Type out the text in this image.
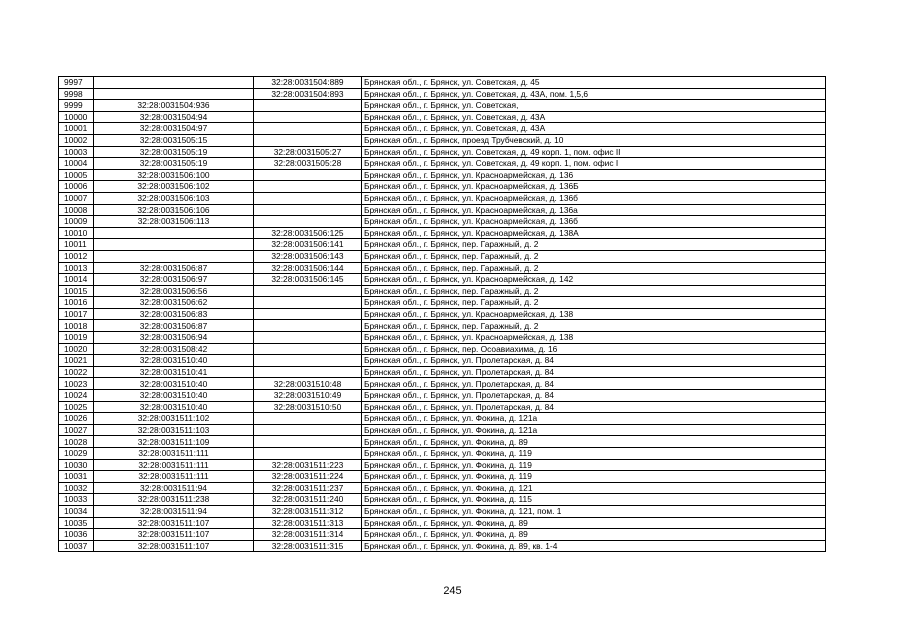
9997		32:28:0031504:889	Брянская обл., г. Брянск, ул. Советская, д. 45
9998		32:28:0031504:893	Брянская обл., г. Брянск, ул. Советская, д. 43А, пом. 1,5,6
9999	32:28:0031504:936		Брянская обл., г. Брянск, ул. Советская,
10000	32:28:0031504:94		Брянская обл., г. Брянск, ул. Советская, д. 43А
10001	32:28:0031504:97		Брянская обл., г. Брянск, ул. Советская, д. 43А
10002	32:28:0031505:15		Брянская обл., г. Брянск, проезд Трубчевский, д. 10
10003	32:28:0031505:19	32:28:0031505:27	Брянская обл., г. Брянск, ул. Советская, д. 49 корп. 1, пом. офис II
10004	32:28:0031505:19	32:28:0031505:28	Брянская обл., г. Брянск, ул. Советская, д. 49 корп. 1, пом. офис I
10005	32:28:0031506:100		Брянская обл., г. Брянск, ул. Красноармейская, д. 136
10006	32:28:0031506:102		Брянская обл., г. Брянск, ул. Красноармейская, д. 136Б
10007	32:28:0031506:103		Брянская обл., г. Брянск, ул. Красноармейская, д. 136б
10008	32:28:0031506:106		Брянская обл., г. Брянск, ул. Красноармейская, д. 136а
10009	32:28:0031506:113		Брянская обл., г. Брянск, ул. Красноармейская, д. 136б
10010		32:28:0031506:125	Брянская обл., г. Брянск, ул. Красноармейская, д. 138А
10011		32:28:0031506:141	Брянская обл., г. Брянск, пер. Гаражный, д. 2
10012		32:28:0031506:143	Брянская обл., г. Брянск, пер. Гаражный, д. 2
10013	32:28:0031506:87	32:28:0031506:144	Брянская обл., г. Брянск, пер. Гаражный, д. 2
10014	32:28:0031506:97	32:28:0031506:145	Брянская обл., г. Брянск, ул. Красноармейская, д. 142
10015	32:28:0031506:56		Брянская обл., г. Брянск, пер. Гаражный, д. 2
10016	32:28:0031506:62		Брянская обл., г. Брянск, пер. Гаражный, д. 2
10017	32:28:0031506:83		Брянская обл., г. Брянск, ул. Красноармейская, д. 138
10018	32:28:0031506:87		Брянская обл., г. Брянск, пер. Гаражный, д. 2
10019	32:28:0031506:94		Брянская обл., г. Брянск, ул. Красноармейская, д. 138
10020	32:28:0031508:42		Брянская обл., г. Брянск, пер. Осоавиахима, д. 16
10021	32:28:0031510:40		Брянская обл., г. Брянск, ул. Пролетарская, д. 84
10022	32:28:0031510:41		Брянская обл., г. Брянск, ул. Пролетарская, д. 84
10023	32:28:0031510:40	32:28:0031510:48	Брянская обл., г. Брянск, ул. Пролетарская, д. 84
10024	32:28:0031510:40	32:28:0031510:49	Брянская обл., г. Брянск, ул. Пролетарская, д. 84
10025	32:28:0031510:40	32:28:0031510:50	Брянская обл., г. Брянск, ул. Пролетарская, д. 84
10026	32:28:0031511:102		Брянская обл., г. Брянск, ул. Фокина, д. 121а
10027	32:28:0031511:103		Брянская обл., г. Брянск, ул. Фокина, д. 121а
10028	32:28:0031511:109		Брянская обл., г. Брянск, ул. Фокина, д. 89
10029	32:28:0031511:111		Брянская обл., г. Брянск, ул. Фокина, д. 119
10030	32:28:0031511:111	32:28:0031511:223	Брянская обл., г. Брянск, ул. Фокина, д. 119
10031	32:28:0031511:111	32:28:0031511:224	Брянская обл., г. Брянск, ул. Фокина, д. 119
10032	32:28:0031511:94	32:28:0031511:237	Брянская обл., г. Брянск, ул. Фокина, д. 121
10033	32:28:0031511:238	32:28:0031511:240	Брянская обл., г. Брянск, ул. Фокина, д. 115
10034	32:28:0031511:94	32:28:0031511:312	Брянская обл., г. Брянск, ул. Фокина, д. 121, пом. 1
10035	32:28:0031511:107	32:28:0031511:313	Брянская обл., г. Брянск, ул. Фокина, д. 89
10036	32:28:0031511:107	32:28:0031511:314	Брянская обл., г. Брянск, ул. Фокина, д. 89
10037	32:28:0031511:107	32:28:0031511:315	Брянская обл., г. Брянск, ул. Фокина, д. 89, кв. 1-4
245
